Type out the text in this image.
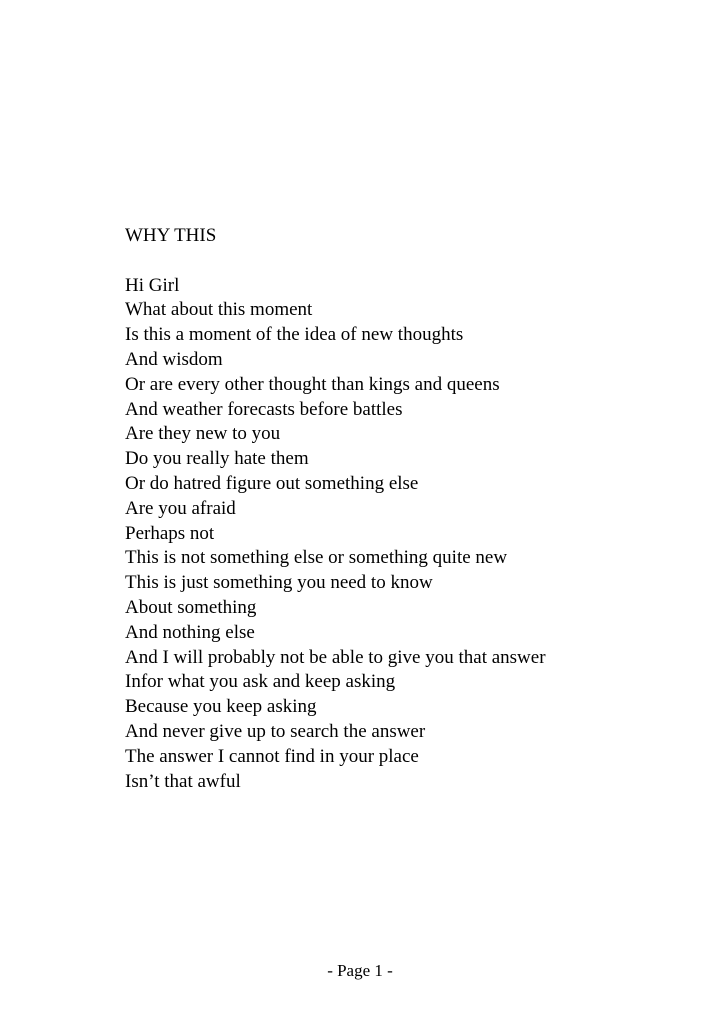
WHY THIS
Hi Girl
What about this moment
Is this a moment of the idea of new thoughts
And wisdom
Or are every other thought than kings and queens
And weather forecasts before battles
Are they new to you
Do you really hate them
Or do hatred figure out something else
Are you afraid
Perhaps not
This is not something else or something quite new
This is just something you need to know
About something
And nothing else
And I will probably not be able to give you that answer
Infor what you ask and keep asking
Because you keep asking
And never give up to search the answer
The answer I cannot find in your place
Isn’t that awful
- Page 1 -
